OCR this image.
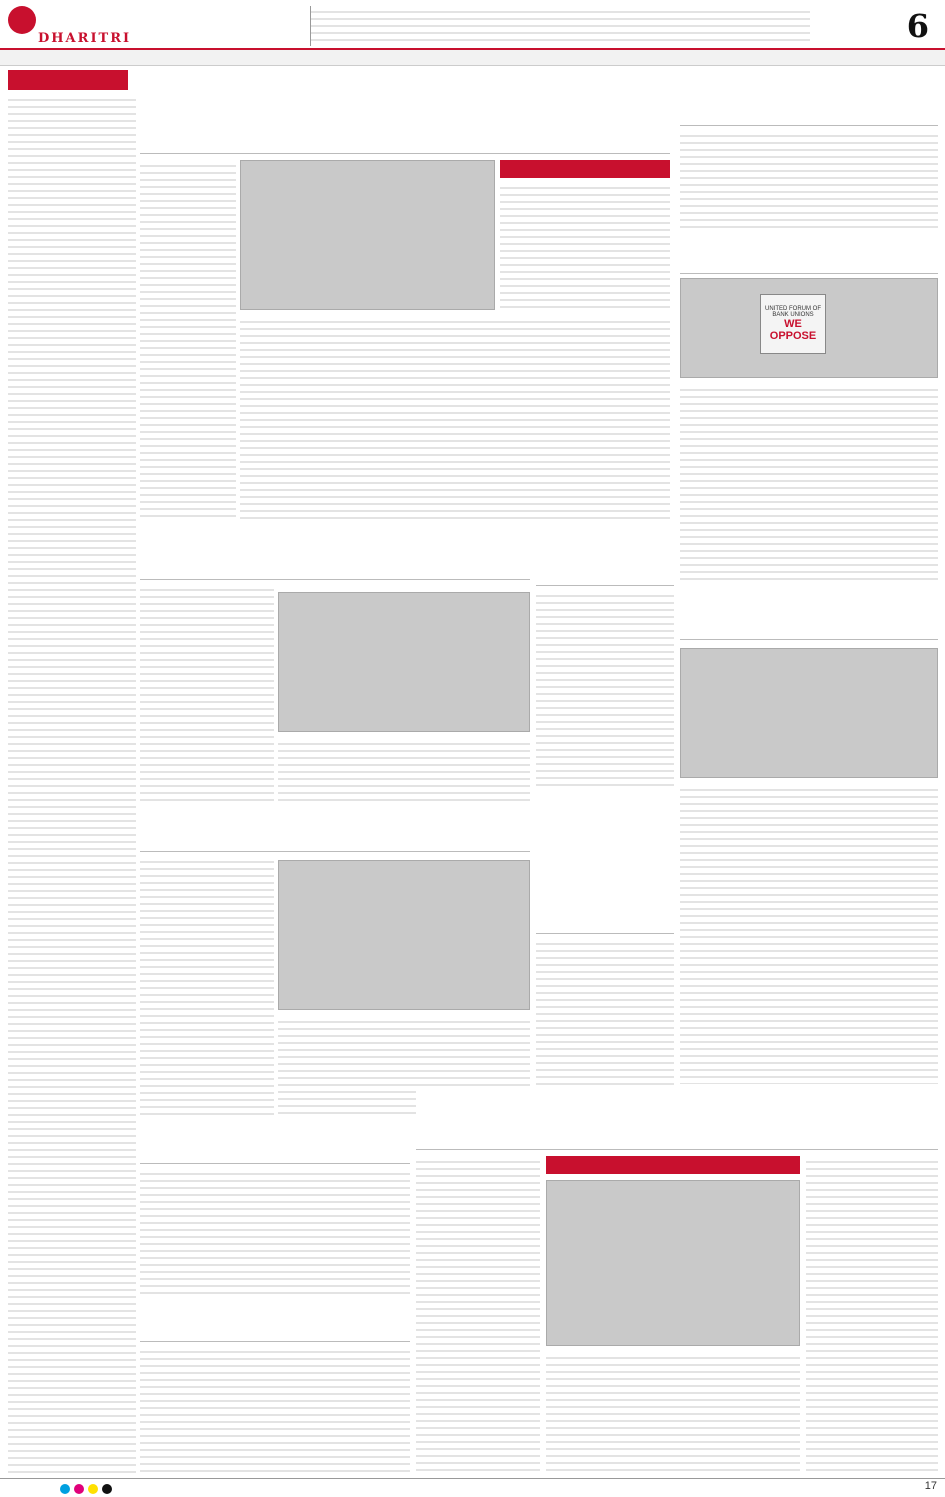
DHARITRI	6
UNITED FORUM OF BANK UNIONS
WE OPPOSE
17
